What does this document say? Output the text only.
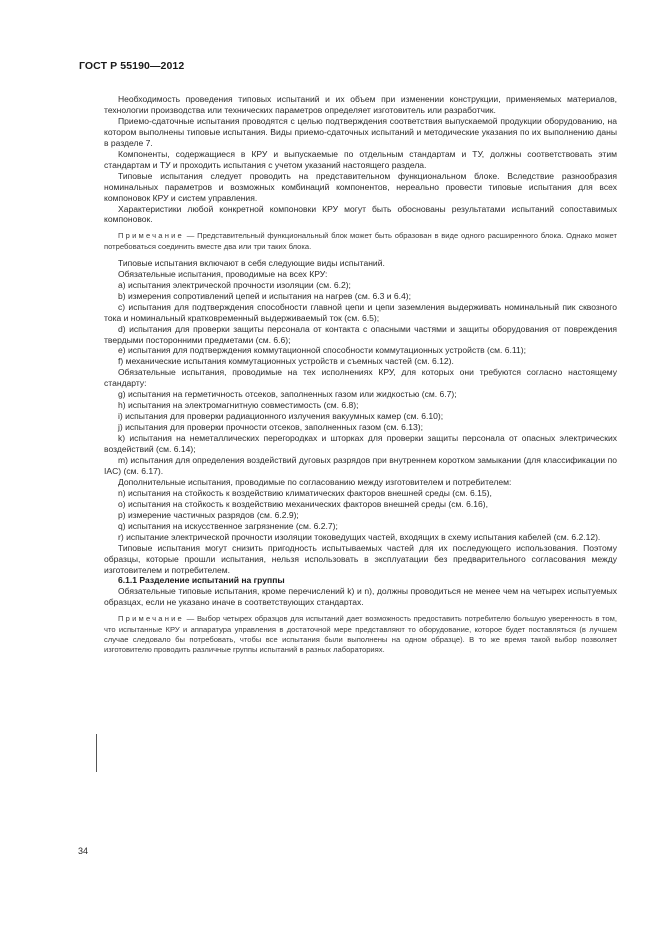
ГОСТ Р 55190—2012

Необходимость проведения типовых испытаний и их объем при изменении конструкции, применяемых материалов, технологии производства или технических параметров определяет изготовитель или разработчик.

Приемо-сдаточные испытания проводятся с целью подтверждения соответствия выпускаемой продукции оборудованию, на котором выполнены типовые испытания. Виды приемо-сдаточных испытаний и методические указания по их выполнению даны в разделе 7.

Компоненты, содержащиеся в КРУ и выпускаемые по отдельным стандартам и ТУ, должны соответствовать этим стандартам и ТУ и проходить испытания с учетом указаний настоящего раздела.

Типовые испытания следует проводить на представительном функциональном блоке. Вследствие разнообразия номинальных параметров и возможных комбинаций компонентов, нереально провести типовые испытания для всех компоновок КРУ и систем управления.

Характеристики любой конкретной компоновки КРУ могут быть обоснованы результатами испытаний сопоставимых компоновок.

Примечание — Представительный функциональный блок может быть образован в виде одного расширенного блока. Однако может потребоваться соединить вместе два или три таких блока.

Типовые испытания включают в себя следующие виды испытаний.

Обязательные испытания, проводимые на всех КРУ:

a) испытания электрической прочности изоляции (см. 6.2);

b) измерения сопротивлений цепей и испытания на нагрев (см. 6.3 и 6.4);

c) испытания для подтверждения способности главной цепи и цепи заземления выдерживать номинальный пик сквозного тока и номинальный кратковременный выдерживаемый ток (см. 6.5);

d) испытания для проверки защиты персонала от контакта с опасными частями и защиты оборудования от повреждения твердыми посторонними предметами (см. 6.6);

e) испытания для подтверждения коммутационной способности коммутационных устройств (см. 6.11);

f) механические испытания коммутационных устройств и съемных частей (см. 6.12).

Обязательные испытания, проводимые на тех исполнениях КРУ, для которых они требуются согласно настоящему стандарту:

g) испытания на герметичность отсеков, заполненных газом или жидкостью (см. 6.7);

h) испытания на электромагнитную совместимость (см. 6.8);

i) испытания для проверки радиационного излучения вакуумных камер (см. 6.10);

j) испытания для проверки прочности отсеков, заполненных газом (см. 6.13);

k) испытания на неметаллических перегородках и шторках для проверки защиты персонала от опасных электрических воздействий (см. 6.14);

m) испытания для определения воздействий дуговых разрядов при внутреннем коротком замыкании (для классификации по IAC) (см. 6.17).

Дополнительные испытания, проводимые по согласованию между изготовителем и потребителем:

n) испытания на стойкость к воздействию климатических факторов внешней среды (см. 6.15),

o) испытания на стойкость к воздействию механических факторов внешней среды (см. 6.16),

p) измерение частичных разрядов (см. 6.2.9);

q) испытания на искусственное загрязнение (см. 6.2.7);

r) испытание электрической прочности изоляции токоведущих частей, входящих в схему испытания кабелей (см. 6.2.12).

Типовые испытания могут снизить пригодность испытываемых частей для их последующего использования. Поэтому образцы, которые прошли испытания, нельзя использовать в эксплуатации без предварительного согласования между изготовителем и потребителем.

6.1.1 Разделение испытаний на группы

Обязательные типовые испытания, кроме перечислений k) и n), должны проводиться не менее чем на четырех испытуемых образцах, если не указано иначе в соответствующих стандартах.

Примечание — Выбор четырех образцов для испытаний дает возможность предоставить потребителю большую уверенность в том, что испытанные КРУ и аппаратура управления в достаточной мере представляют то оборудование, которое будет поставляться (в лучшем случае следовало бы потребовать, чтобы все испытания были выполнены на одном образце). В то же время такой выбор позволяет изготовителю проводить различные группы испытаний в разных лабораториях.

34
